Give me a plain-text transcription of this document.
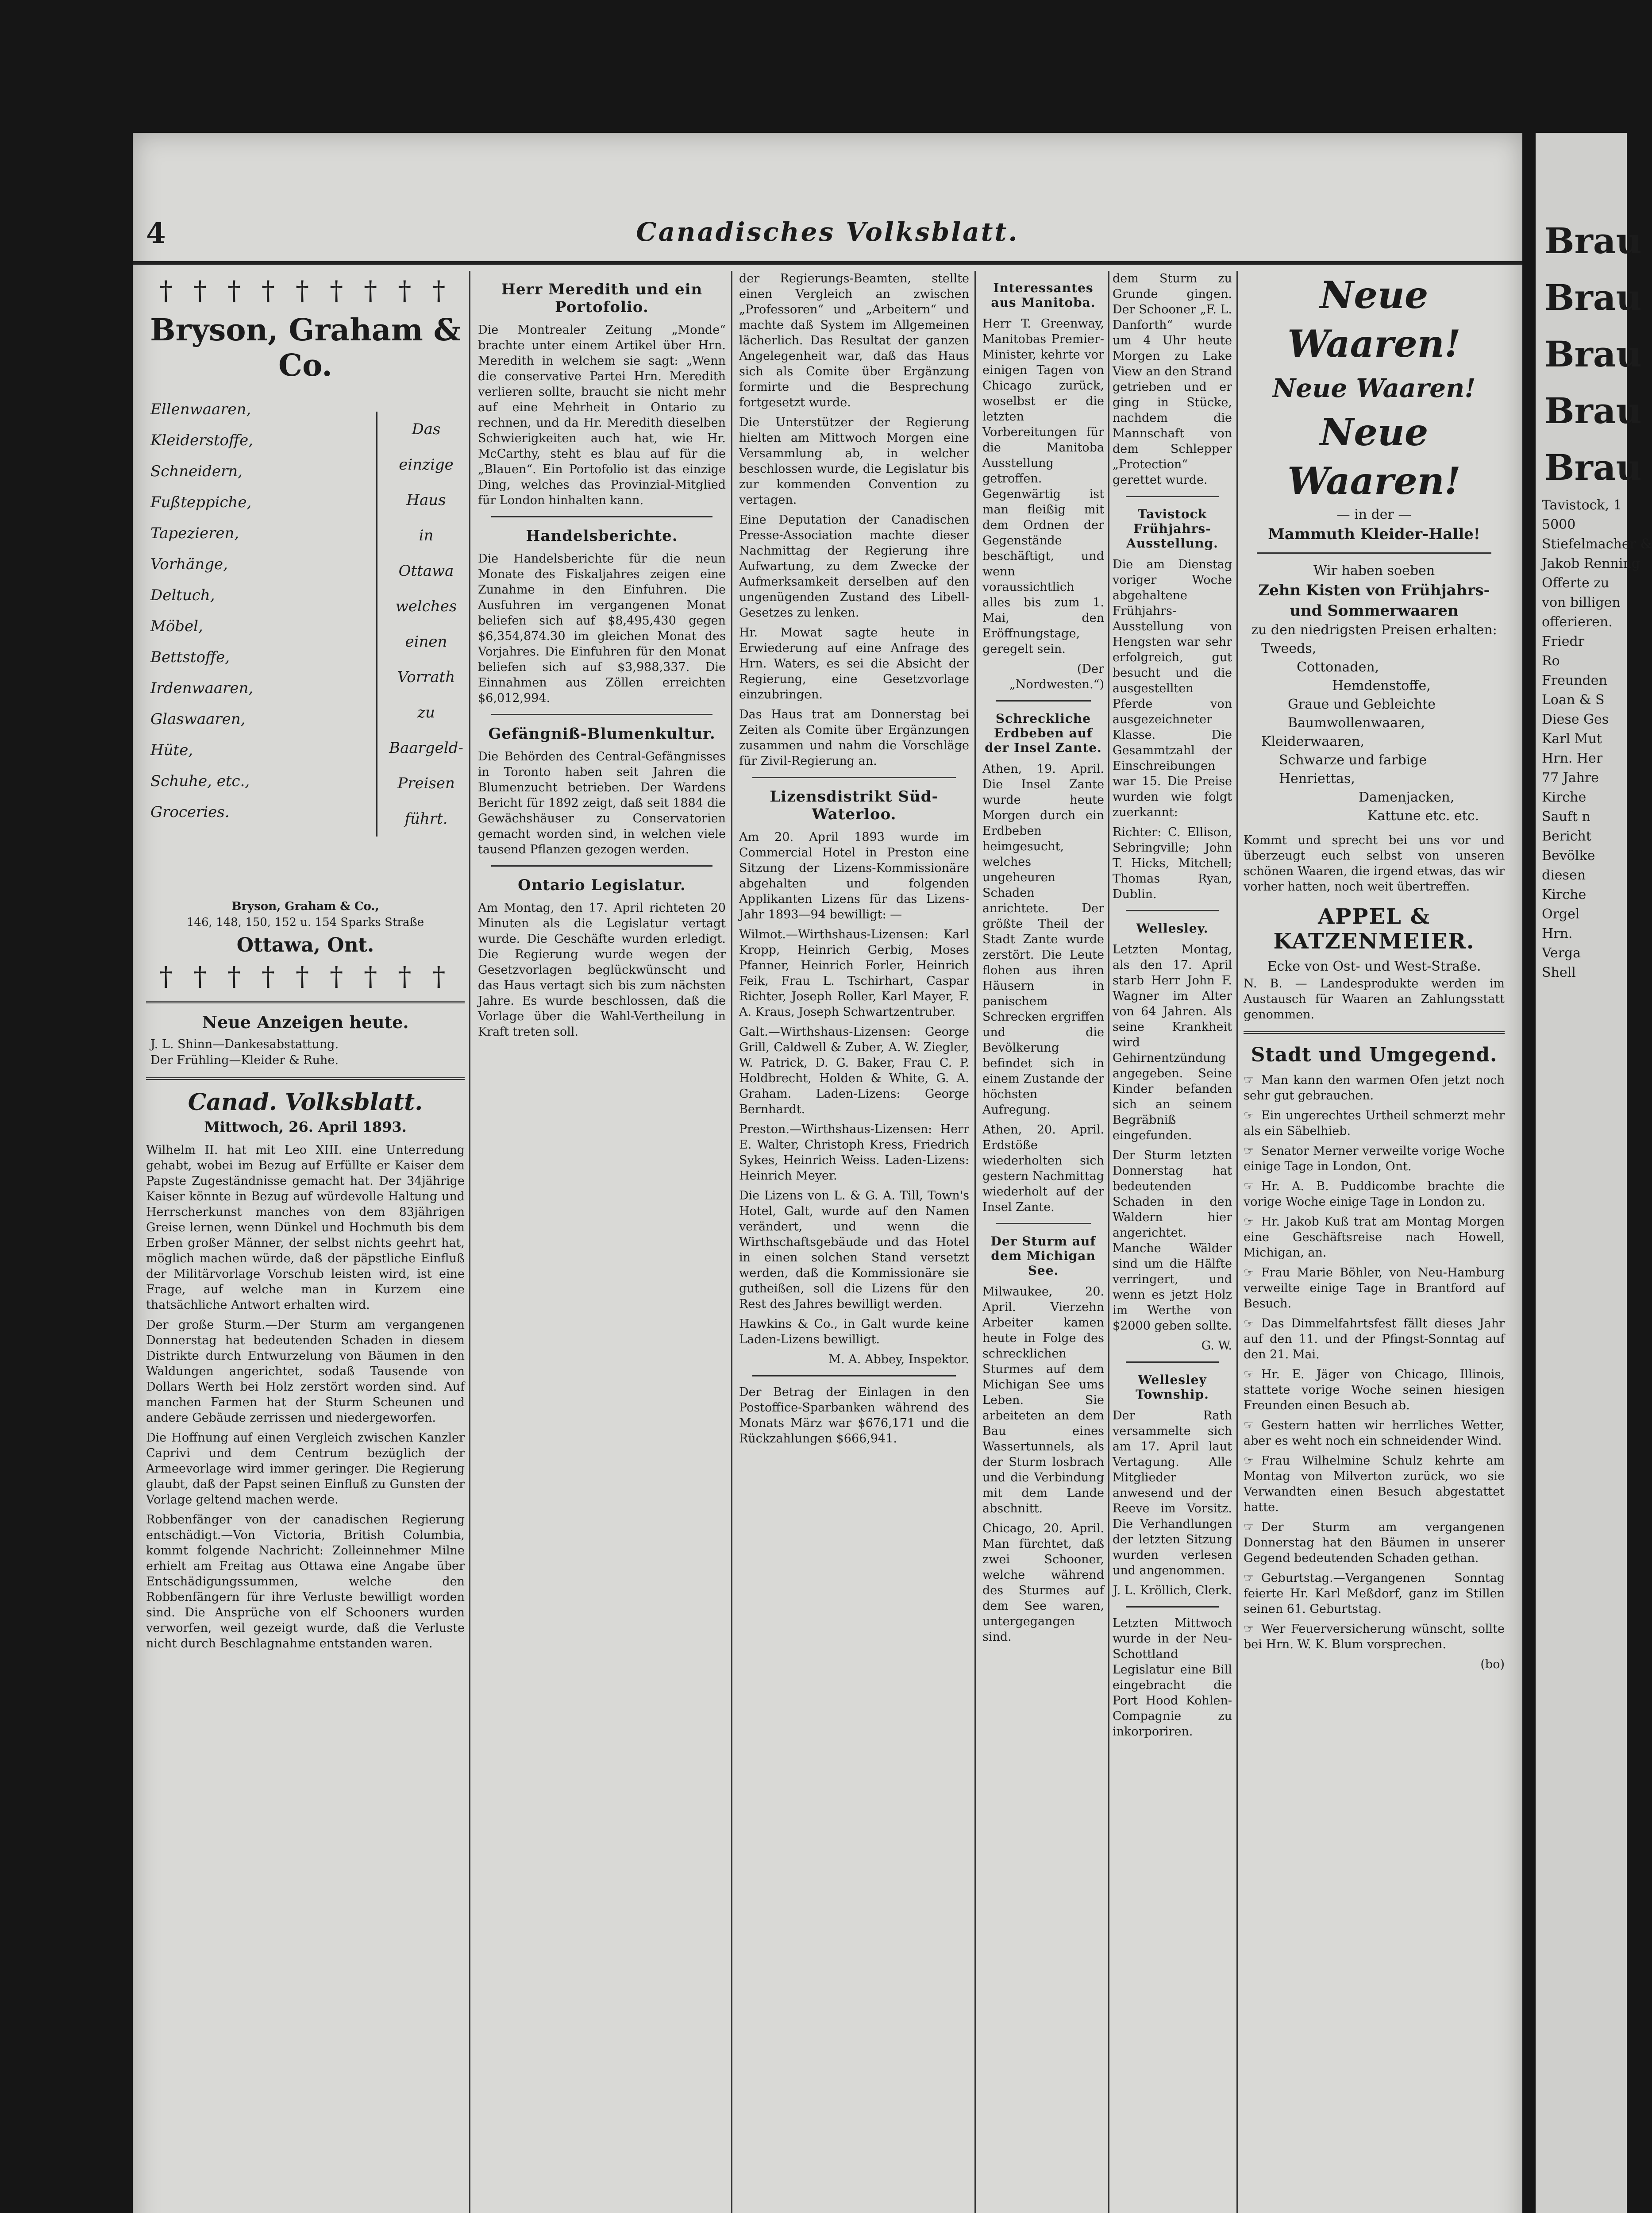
4	Canadisches Volksblatt.
† † † † † † † † †
Bryson, Graham & Co.
Ellenwaaren,
Kleiderstoffe,
Schneidern,
Fußteppiche,
Tapezieren,
Vorhänge,
Deltuch,
Möbel,
Bettstoffe,
Irdenwaaren,
Glaswaaren,
Hüte,
Schuhe, etc.,
Groceries.
Das
einzige
Haus
in
Ottawa
welches
einen
Vorrath
zu
Baargeld-
Preisen
führt.
Bryson, Graham & Co.,
146, 148, 150, 152 u. 154 Sparks Straße
Ottawa, Ont.
† † † † † † † † †
Neue Anzeigen heute.
J. L. Shinn—Dankesabstattung.
Der Frühling—Kleider & Ruhe.
Canad. Volksblatt.
Mittwoch, 26. April 1893.

Wilhelm II. hat mit Leo XIII. eine Unterredung gehabt, wobei im Bezug auf Erfüllte er Kaiser dem Papste Zugeständnisse gemacht hat. Der 34jährige Kaiser könnte in Bezug auf würdevolle Haltung und Herrscherkunst manches von dem 83jährigen Greise lernen, wenn Dünkel und Hochmuth bis dem Erben großer Männer, der selbst nichts geehrt hat, möglich machen würde, daß der päpstliche Einfluß der Militärvorlage Vorschub leisten wird, ist eine Frage, auf welche man in Kurzem eine thatsächliche Antwort erhalten wird.

Der große Sturm.—Der Sturm am vergangenen Donnerstag hat bedeutenden Schaden in diesem Distrikte durch Entwurzelung von Bäumen in den Waldungen angerichtet, sodaß Tausende von Dollars Werth bei Holz zerstört worden sind. Auf manchen Farmen hat der Sturm Scheunen und andere Gebäude zerrissen und niedergeworfen.

Die Hoffnung auf einen Vergleich zwischen Kanzler Caprivi und dem Centrum bezüglich der Armeevorlage wird immer geringer. Die Regierung glaubt, daß der Papst seinen Einfluß zu Gunsten der Vorlage geltend machen werde.

Robbenfänger von der canadischen Regierung entschädigt.—Von Victoria, British Columbia, kommt folgende Nachricht: Zolleinnehmer Milne erhielt am Freitag aus Ottawa eine Angabe über Entschädigungssummen, welche den Robbenfängern für ihre Verluste bewilligt worden sind. Die Ansprüche von elf Schooners wurden verworfen, weil gezeigt wurde, daß die Verluste nicht durch Beschlagnahme entstanden waren.

Herr Meredith und ein Portofolio.

Die Montrealer Zeitung „Monde“ brachte unter einem Artikel über Hrn. Meredith in welchem sie sagt: „Wenn die conservative Partei Hrn. Meredith verlieren sollte, braucht sie nicht mehr auf eine Mehrheit in Ontario zu rechnen, und da Hr. Meredith dieselben Schwierigkeiten auch hat, wie Hr. McCarthy, steht es blau auf für die „Blauen“. Ein Portofolio ist das einzige Ding, welches das Provinzial-Mitglied für London hinhalten kann.

Handelsberichte.

Die Handelsberichte für die neun Monate des Fiskaljahres zeigen eine Zunahme in den Einfuhren. Die Ausfuhren im vergangenen Monat beliefen sich auf $8,495,430 gegen $6,354,874.30 im gleichen Monat des Vorjahres. Die Einfuhren für den Monat beliefen sich auf $3,988,337. Die Einnahmen aus Zöllen erreichten $6,012,994.

Gefängniß-Blumenkultur.

Die Behörden des Central-Gefängnisses in Toronto haben seit Jahren die Blumenzucht betrieben. Der Wardens Bericht für 1892 zeigt, daß seit 1884 die Gewächshäuser zu Conservatorien gemacht worden sind, in welchen viele tausend Pflanzen gezogen werden.

Ontario Legislatur.

Am Montag, den 17. April richteten 20 Minuten als die Legislatur vertagt wurde. Die Geschäfte wurden erledigt. Die Regierung wurde wegen der Gesetzvorlagen beglückwünscht und das Haus vertagt sich bis zum nächsten Jahre. Es wurde beschlossen, daß die Vorlage über die Wahl-Vertheilung in Kraft treten soll.

der Regierungs-Beamten, stellte einen Vergleich an zwischen „Professoren“ und „Arbeitern“ und machte daß System im Allgemeinen lächerlich. Das Resultat der ganzen Angelegenheit war, daß das Haus sich als Comite über Ergänzung formirte und die Besprechung fortgesetzt wurde.

Die Unterstützer der Regierung hielten am Mittwoch Morgen eine Versammlung ab, in welcher beschlossen wurde, die Legislatur bis zur kommenden Convention zu vertagen.

Eine Deputation der Canadischen Presse-Association machte dieser Nachmittag der Regierung ihre Aufwartung, zu dem Zwecke der Aufmerksamkeit derselben auf den ungenügenden Zustand des Libell-Gesetzes zu lenken.

Hr. Mowat sagte heute in Erwiederung auf eine Anfrage des Hrn. Waters, es sei die Absicht der Regierung, eine Gesetzvorlage einzubringen.

Das Haus trat am Donnerstag bei Zeiten als Comite über Ergänzungen zusammen und nahm die Vorschläge für Zivil-Regierung an.

Lizensdistrikt Süd-Waterloo.

Am 20. April 1893 wurde im Commercial Hotel in Preston eine Sitzung der Lizens-Kommissionäre abgehalten und folgenden Applikanten Lizens für das Lizens-Jahr 1893—94 bewilligt: —

Wilmot.—Wirthshaus-Lizensen: Karl Kropp, Heinrich Gerbig, Moses Pfanner, Heinrich Forler, Heinrich Feik, Frau L. Tschirhart, Caspar Richter, Joseph Roller, Karl Mayer, F. A. Kraus, Joseph Schwartzentruber.

Galt.—Wirthshaus-Lizensen: George Grill, Caldwell & Zuber, A. W. Ziegler, W. Patrick, D. G. Baker, Frau C. P. Holdbrecht, Holden & White, G. A. Graham. Laden-Lizens: George Bernhardt.

Preston.—Wirthshaus-Lizensen: Herr E. Walter, Christoph Kress, Friedrich Sykes, Heinrich Weiss. Laden-Lizens: Heinrich Meyer.

Die Lizens von L. & G. A. Till, Town's Hotel, Galt, wurde auf den Namen verändert, und wenn die Wirthschaftsgebäude und das Hotel in einen solchen Stand versetzt werden, daß die Kommissionäre sie gutheißen, soll die Lizens für den Rest des Jahres bewilligt werden.

Hawkins & Co., in Galt wurde keine Laden-Lizens bewilligt.

M. A. Abbey, Inspektor.

Der Betrag der Einlagen in den Postoffice-Sparbanken während des Monats März war $676,171 und die Rückzahlungen $666,941.

Interessantes aus Manitoba.

Herr T. Greenway, Manitobas Premier-Minister, kehrte vor einigen Tagen von Chicago zurück, woselbst er die letzten Vorbereitungen für die Manitoba Ausstellung getroffen. Gegenwärtig ist man fleißig mit dem Ordnen der Gegenstände beschäftigt, und wenn voraussichtlich alles bis zum 1. Mai, den Eröffnungstage, geregelt sein.

(Der „Nordwesten.“)

Schreckliche Erdbeben auf der Insel Zante.

Athen, 19. April. Die Insel Zante wurde heute Morgen durch ein Erdbeben heimgesucht, welches ungeheuren Schaden anrichtete. Der größte Theil der Stadt Zante wurde zerstört. Die Leute flohen aus ihren Häusern in panischem Schrecken ergriffen und die Bevölkerung befindet sich in einem Zustande der höchsten Aufregung.

Athen, 20. April. Erdstöße wiederholten sich gestern Nachmittag wiederholt auf der Insel Zante.

Der Sturm auf dem Michigan See.

Milwaukee, 20. April. Vierzehn Arbeiter kamen heute in Folge des schrecklichen Sturmes auf dem Michigan See ums Leben. Sie arbeiteten an dem Bau eines Wassertunnels, als der Sturm losbrach und die Verbindung mit dem Lande abschnitt.

Chicago, 20. April. Man fürchtet, daß zwei Schooner, welche während des Sturmes auf dem See waren, untergegangen sind.

dem Sturm zu Grunde gingen. Der Schooner „F. L. Danforth“ wurde um 4 Uhr heute Morgen zu Lake View an den Strand getrieben und er ging in Stücke, nachdem die Mannschaft von dem Schlepper „Protection“ gerettet wurde.

Tavistock Frühjahrs-Ausstellung.

Die am Dienstag voriger Woche abgehaltene Frühjahrs-Ausstellung von Hengsten war sehr erfolgreich, gut besucht und die ausgestellten Pferde von ausgezeichneter Klasse. Die Gesammtzahl der Einschreibungen war 15. Die Preise wurden wie folgt zuerkannt:

Richter: C. Ellison, Sebringville; John T. Hicks, Mitchell; Thomas Ryan, Dublin.

Wellesley.

Letzten Montag, als den 17. April starb Herr John F. Wagner im Alter von 64 Jahren. Als seine Krankheit wird Gehirnentzündung angegeben. Seine Kinder befanden sich an seinem Begräbniß eingefunden.

Der Sturm letzten Donnerstag hat bedeutenden Schaden in den Waldern hier angerichtet. Manche Wälder sind um die Hälfte verringert, und wenn es jetzt Holz im Werthe von $2000 geben sollte.

G. W.

Wellesley Township.

Der Rath versammelte sich am 17. April laut Vertagung. Alle Mitglieder anwesend und der Reeve im Vorsitz. Die Verhandlungen der letzten Sitzung wurden verlesen und angenommen.

J. L. Kröllich, Clerk.

Letzten Mittwoch wurde in der Neu-Schottland Legislatur eine Bill eingebracht die Port Hood Kohlen-Compagnie zu inkorporiren.

Neue Waaren!
Neue Waaren!
Neue Waaren!
— in der —
Mammuth Kleider-Halle!
Wir haben soeben
Zehn Kisten von Frühjahrs- und Sommerwaaren
zu den niedrigsten Preisen erhalten:
Tweeds,
Cottonaden,
Hemdenstoffe,
Graue und Gebleichte Baumwollenwaaren,
Kleiderwaaren,
Schwarze und farbige Henriettas,
Damenjacken,
Kattune etc. etc.

Kommt und sprecht bei uns vor und überzeugt euch selbst von unseren schönen Waaren, die irgend etwas, das wir vorher hatten, noch weit übertreffen.

APPEL & KATZENMEIER.
Ecke von Ost- und West-Straße.

N. B. — Landesprodukte werden im Austausch für Waaren an Zahlungsstatt genommen.

Stadt und Umgegend.

☞ Man kann den warmen Ofen jetzt noch sehr gut gebrauchen.

☞ Ein ungerechtes Urtheil schmerzt mehr als ein Säbelhieb.

☞ Senator Merner verweilte vorige Woche einige Tage in London, Ont.

☞ Hr. A. B. Puddicombe brachte die vorige Woche einige Tage in London zu.

☞ Hr. Jakob Kuß trat am Montag Morgen eine Geschäftsreise nach Howell, Michigan, an.

☞ Frau Marie Böhler, von Neu-Hamburg verweilte einige Tage in Brantford auf Besuch.

☞ Das Dimmelfahrtsfest fällt dieses Jahr auf den 11. und der Pfingst-Sonntag auf den 21. Mai.

☞ Hr. E. Jäger von Chicago, Illinois, stattete vorige Woche seinen hiesigen Freunden einen Besuch ab.

☞ Gestern hatten wir herrliches Wetter, aber es weht noch ein schneidender Wind.

☞ Frau Wilhelmine Schulz kehrte am Montag von Milverton zurück, wo sie Verwandten einen Besuch abgestattet hatte.

☞ Der Sturm am vergangenen Donnerstag hat den Bäumen in unserer Gegend bedeutenden Schaden gethan.

☞ Geburtstag.—Vergangenen Sonntag feierte Hr. Karl Meßdorf, ganz im Stillen seinen 61. Geburtstag.

☞ Wer Feuerversicherung wünscht, sollte bei Hrn. W. K. Blum vorsprechen.

(bo)

Brau
Brau
Brau
Brau
Brau
Tavistock, 1
5000
Stiefelmacher &
Jakob Renning
Offerte zu
von billigen
offerieren.
Friedr
Ro
Freunden
Loan & S
Diese Ges
Karl Mut
Hrn. Her
77 Jahre
Kirche
Sauft n
Bericht
Bevölke
diesen
Kirche
Orgel
Hrn.
Verga
Shell
